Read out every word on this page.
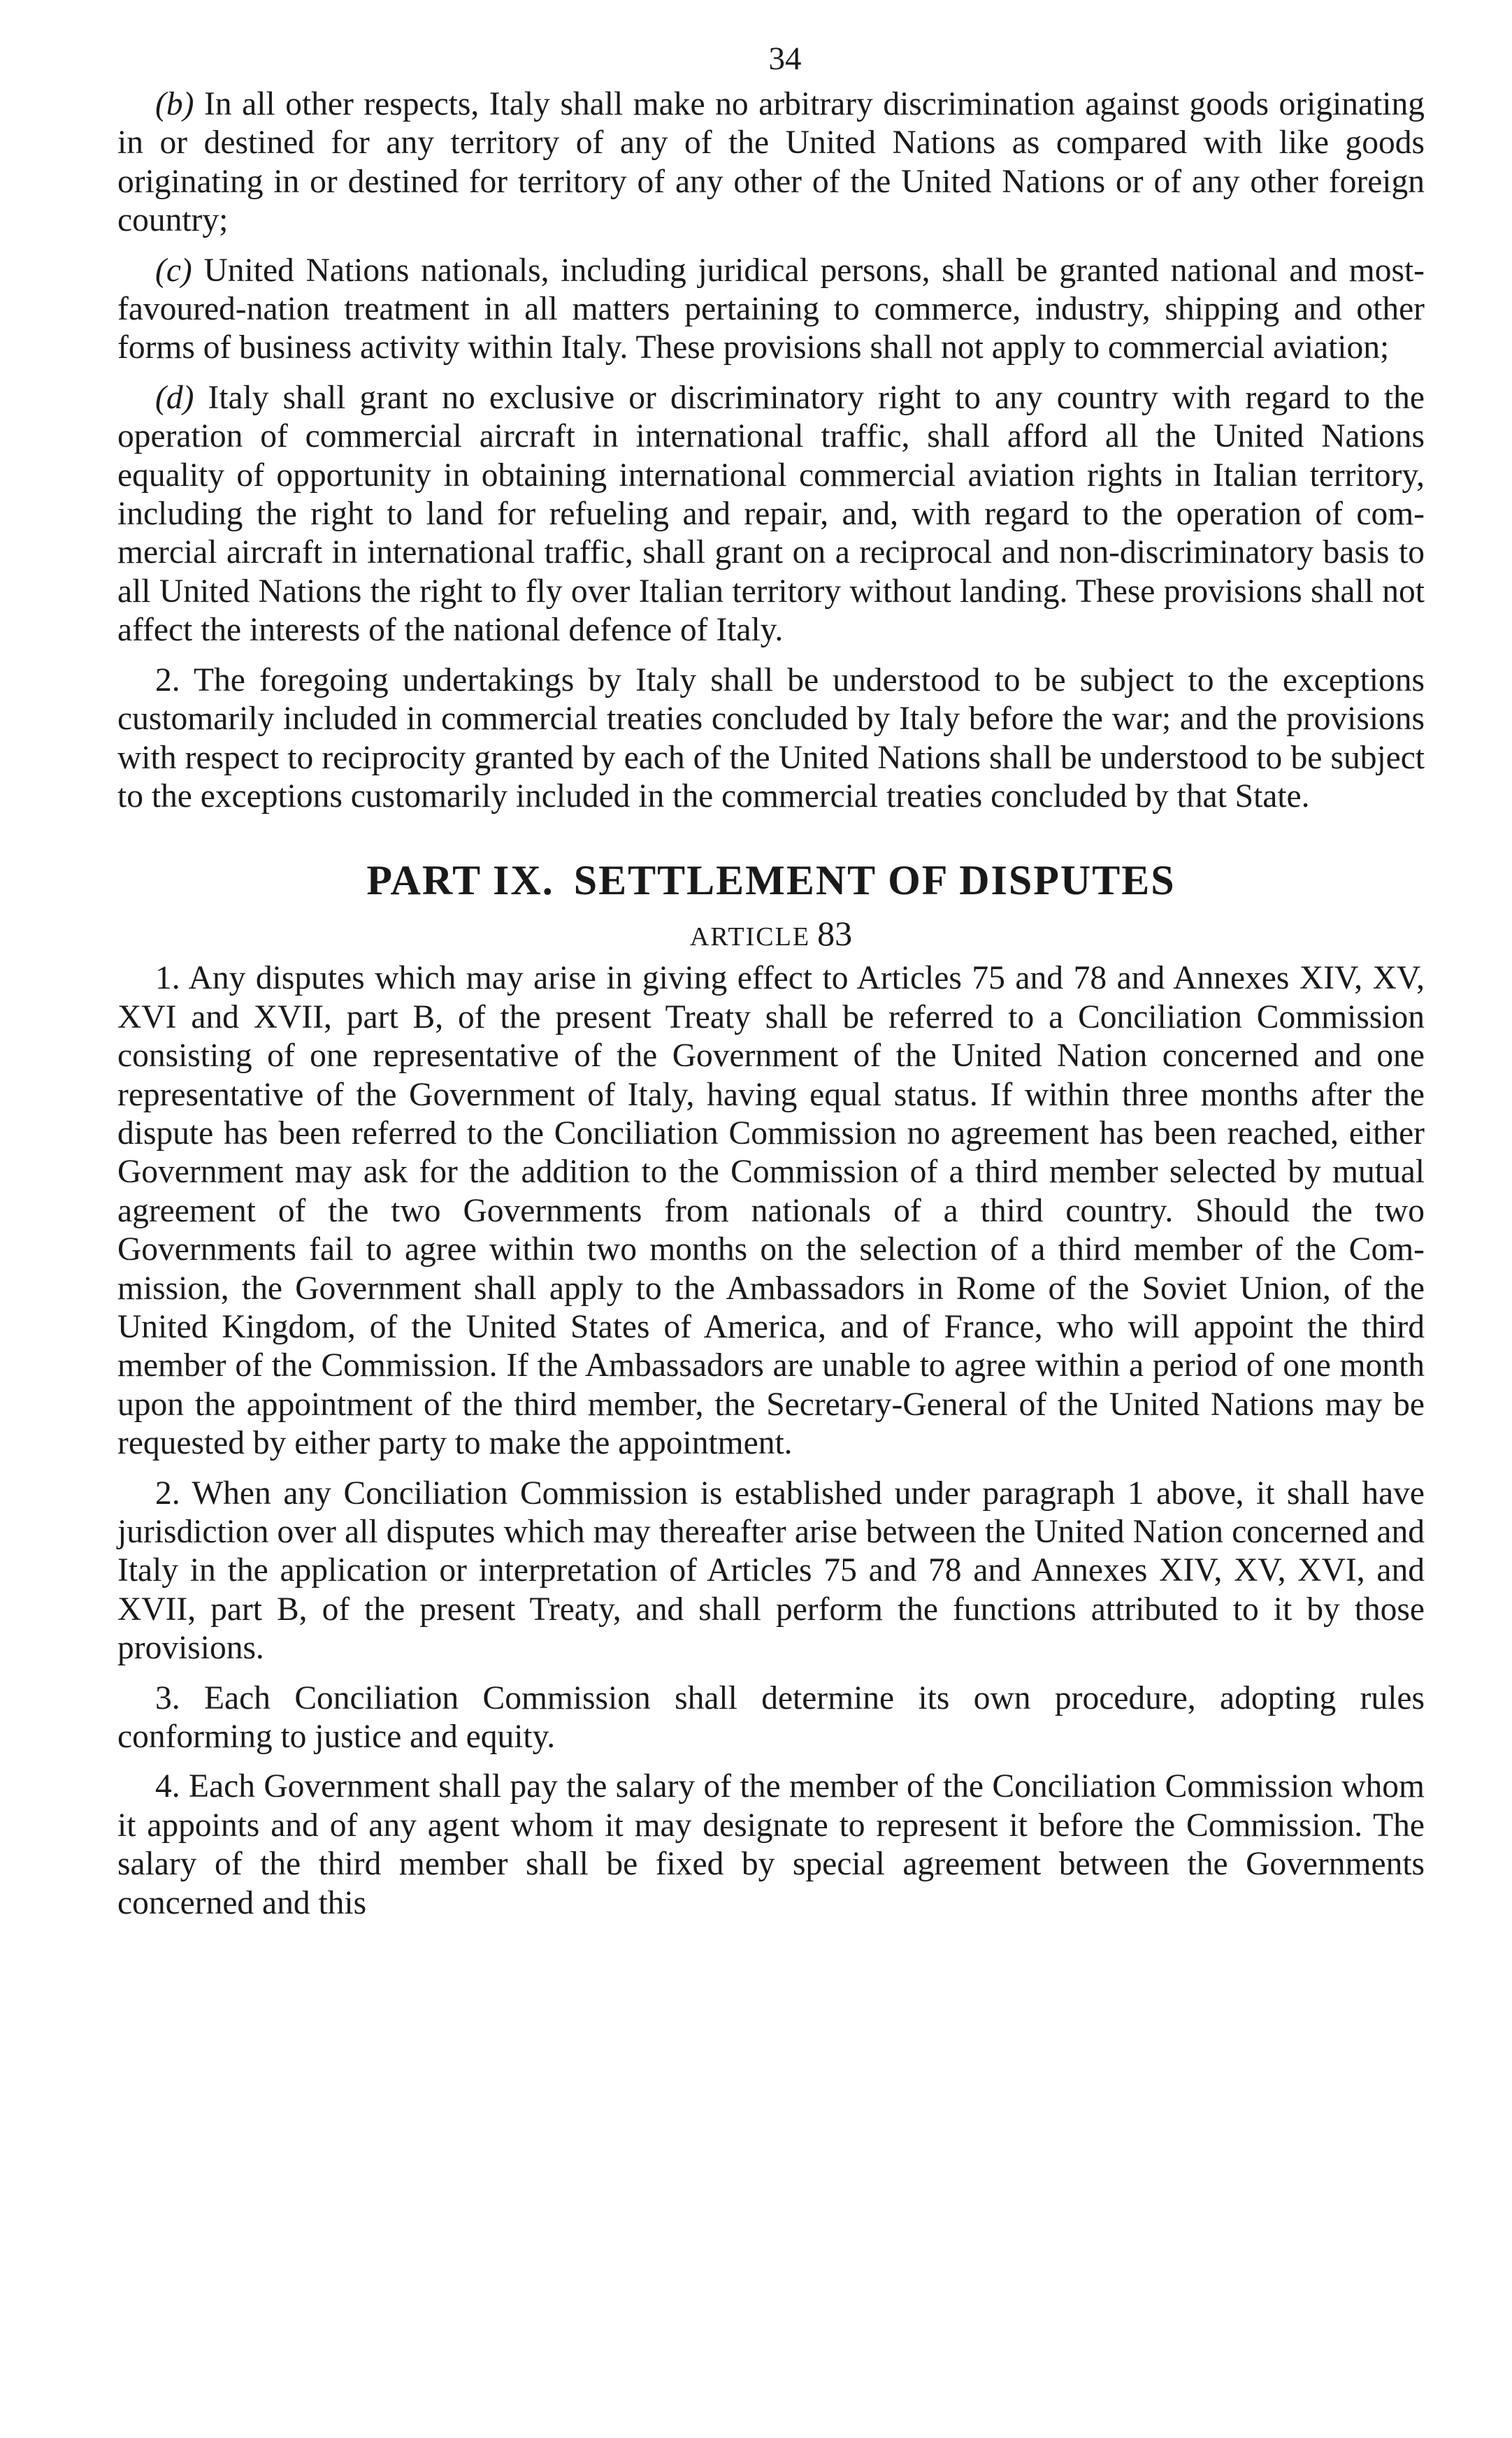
34

(b) In all other respects, Italy shall make no arbitrary discrimination against goods originating in or destined for any territory of any of the United Nations as compared with like goods originating in or destined for territory of any other of the United Nations or of any other foreign country;

(c) United Nations nationals, including juridical persons, shall be granted national and most-favoured-nation treatment in all matters pertaining to commerce, industry, shipping and other forms of business activity within Italy. These provisions shall not apply to commercial aviation;

(d) Italy shall grant no exclusive or discriminatory right to any country with regard to the operation of commercial aircraft in international traffic, shall afford all the United Nations equality of opportunity in obtaining international commercial aviation rights in Italian territory, including the right to land for refueling and repair, and, with regard to the operation of commercial aircraft in international traffic, shall grant on a reciprocal and non-discriminatory basis to all United Nations the right to fly over Italian territory without landing. These provisions shall not affect the interests of the national defence of Italy.

2. The foregoing undertakings by Italy shall be understood to be subject to the exceptions customarily included in commercial treaties concluded by Italy before the war; and the provisions with respect to reciprocity granted by each of the United Nations shall be understood to be subject to the exceptions customarily included in the commercial treaties concluded by that State.

PART IX. SETTLEMENT OF DISPUTES
ARTICLE 83

1. Any disputes which may arise in giving effect to Articles 75 and 78 and Annexes XIV, XV, XVI and XVII, part B, of the present Treaty shall be referred to a Conciliation Commission consisting of one representative of the Government of the United Nation concerned and one representative of the Government of Italy, having equal status. If within three months after the dispute has been referred to the Conciliation Commission no agreement has been reached, either Government may ask for the addition to the Commission of a third member selected by mutual agreement of the two Governments from nationals of a third country. Should the two Governments fail to agree within two months on the selection of a third member of the Commission, the Government shall apply to the Ambassadors in Rome of the Soviet Union, of the United Kingdom, of the United States of America, and of France, who will appoint the third member of the Commission. If the Ambassadors are unable to agree within a period of one month upon the appointment of the third member, the Secretary-General of the United Nations may be requested by either party to make the appointment.

2. When any Conciliation Commission is established under paragraph 1 above, it shall have jurisdiction over all disputes which may thereafter arise between the United Nation concerned and Italy in the application or interpretation of Articles 75 and 78 and Annexes XIV, XV, XVI, and XVII, part B, of the present Treaty, and shall perform the functions attributed to it by those provisions.

3. Each Conciliation Commission shall determine its own procedure, adopting rules conforming to justice and equity.

4. Each Government shall pay the salary of the member of the Conciliation Commission whom it appoints and of any agent whom it may designate to represent it before the Commission. The salary of the third member shall be fixed by special agreement between the Governments concerned and this
